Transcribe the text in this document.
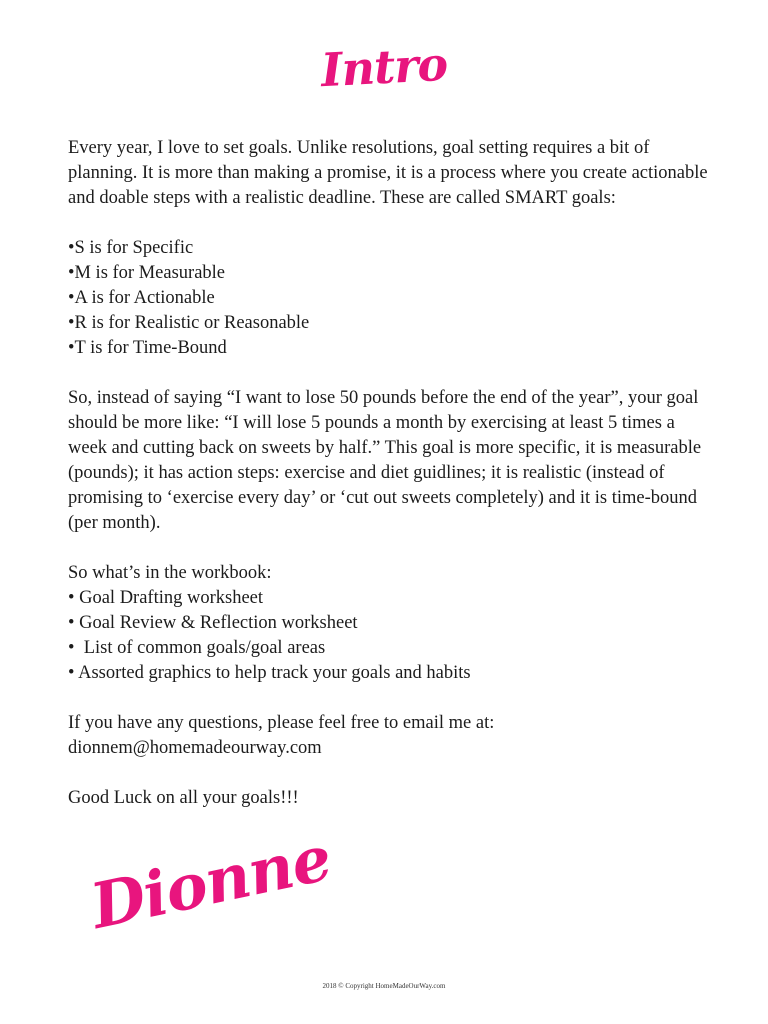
Intro

Every year, I love to set goals. Unlike resolutions, goal setting requires a bit of planning. It is more than making a promise, it is a process where you create actionable and doable steps with a realistic deadline. These are called SMART goals:

•S is for Specific
•M is for Measurable
•A is for Actionable
•R is for Realistic or Reasonable
•T is for Time-Bound

So, instead of saying “I want to lose 50 pounds before the end of the year”, your goal should be more like: “I will lose 5 pounds a month by exercising at least 5 times a week and cutting back on sweets by half.” This goal is more specific, it is measurable (pounds); it has action steps: exercise and diet guidlines; it is realistic (instead of promising to ‘exercise every day’ or ‘cut out sweets completely) and it is time-bound (per month).

So what’s in the workbook:

• Goal Drafting worksheet
• Goal Review & Reflection worksheet
•  List of common goals/goal areas
• Assorted graphics to help track your goals and habits

If you have any questions, please feel free to email me at:

dionnem@homemadeourway.com

Good Luck on all your goals!!!

Dionne
2018 © Copyright HomeMadeOurWay.com
